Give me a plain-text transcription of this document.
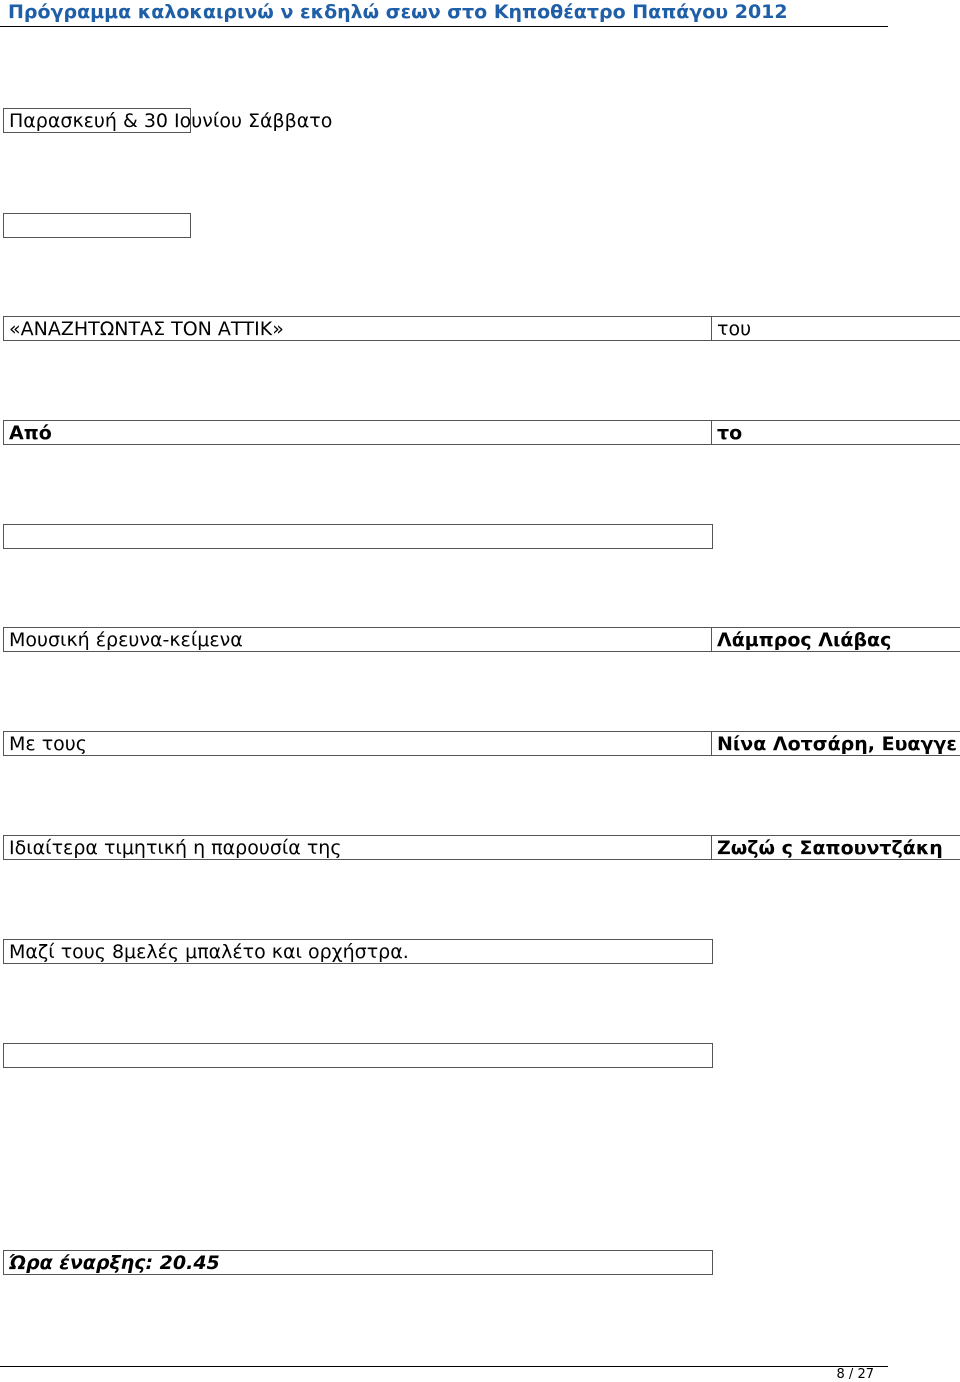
Πρόγραμμα καλοκαιρινώ ν εκδηλώ σεων στο Κηποθέατρο Παπάγου 2012
Παρασκευή & 30 Ιουνίου Σάββατο
«ΑΝΑΖΗΤΩΝΤΑΣ ΤΟΝ ΑΤΤΙΚ»	του
Από	το
Μουσική έρευνα-κείμενα	Λάμπρος Λιάβας
Με τους	Νίνα Λοτσάρη, Ευαγγε
Ιδιαίτερα τιμητική η παρουσία της	Ζωζώ ς Σαπουντζάκη
Μαζί τους 8μελές μπαλέτο και ορχήστρα.
Ώρα έναρξης: 20.45
8 / 27
